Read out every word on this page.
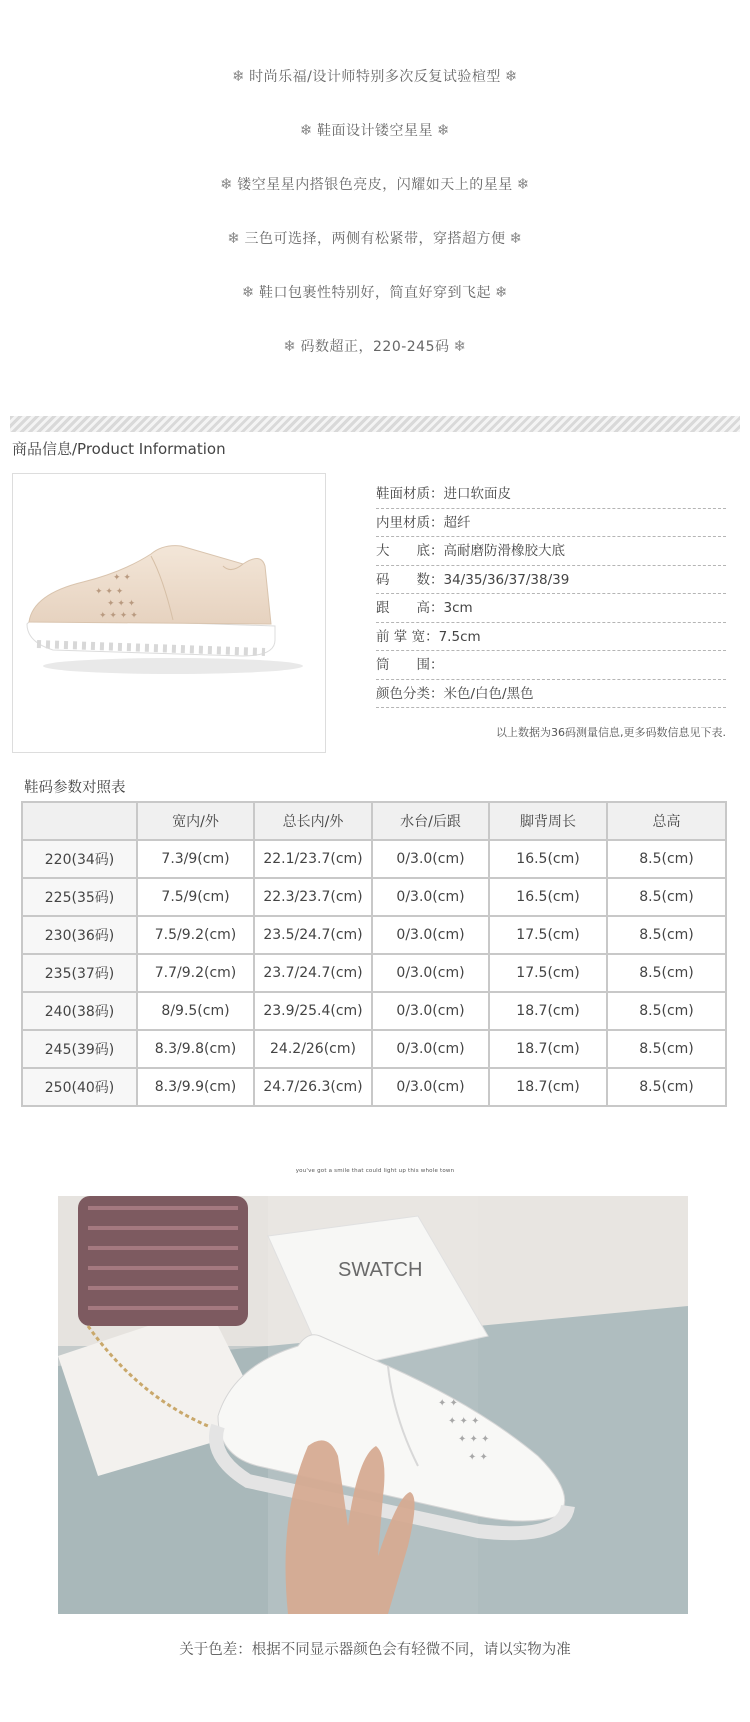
❄ 时尚乐福/设计师特别多次反复试验楦型 ❄
❄ 鞋面设计镂空星星 ❄
❄ 镂空星星内搭银色亮皮，闪耀如天上的星星 ❄
❄ 三色可选择，两侧有松紧带，穿搭超方便 ❄
❄ 鞋口包裹性特别好，简直好穿到飞起 ❄
❄ 码数超正，220-245码 ❄
商品信息/Product Information
✦ ✦ ✦
✦ ✦ ✦
✦ ✦ ✦ ✦
✦ ✦
鞋面材质：进口软面皮
内里材质：超纤
大　　底：高耐磨防滑橡胶大底
码　　数：34/35/36/37/38/39
跟　　高：3cm
前 掌 宽：7.5cm
筒　　围：
颜色分类：米色/白色/黑色
以上数据为36码测量信息,更多码数信息见下表.
鞋码参数对照表
	宽内/外	总长内/外	水台/后跟	脚背周长	总高
220(34码)	7.3/9(cm)	22.1/23.7(cm)	0/3.0(cm)	16.5(cm)	8.5(cm)
225(35码)	7.5/9(cm)	22.3/23.7(cm)	0/3.0(cm)	16.5(cm)	8.5(cm)
230(36码)	7.5/9.2(cm)	23.5/24.7(cm)	0/3.0(cm)	17.5(cm)	8.5(cm)
235(37码)	7.7/9.2(cm)	23.7/24.7(cm)	0/3.0(cm)	17.5(cm)	8.5(cm)
240(38码)	8/9.5(cm)	23.9/25.4(cm)	0/3.0(cm)	18.7(cm)	8.5(cm)
245(39码)	8.3/9.8(cm)	24.2/26(cm)	0/3.0(cm)	18.7(cm)	8.5(cm)
250(40码)	8.3/9.9(cm)	24.7/26.3(cm)	0/3.0(cm)	18.7(cm)	8.5(cm)
you've got a smile that could light up this whole town
SWATCH
✦ ✦
✦ ✦ ✦
✦ ✦ ✦
✦ ✦
关于色差：根据不同显示器颜色会有轻微不同，请以实物为准
